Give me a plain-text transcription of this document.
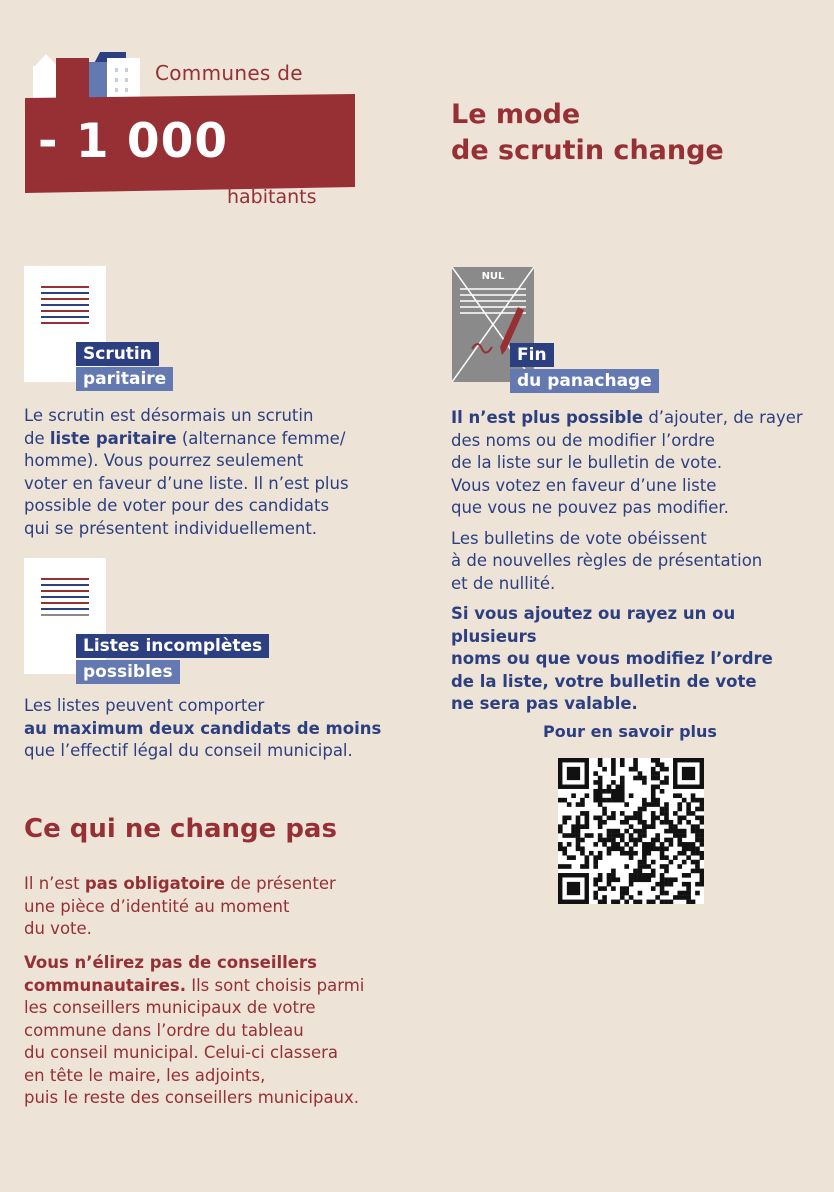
Communes de
- 1 000
habitants
Le mode
de scrutin change
Scrutin
paritaire

Le scrutin est désormais un scrutin

de liste paritaire (alternance femme/

homme). Vous pourrez seulement

voter en faveur d’une liste. Il n’est plus

possible de voter pour des candidats

qui se présentent individuellement.

Listes incomplètes
possibles

Les listes peuvent comporter

au maximum deux candidats de moins

que l’effectif légal du conseil municipal.

NUL
Fin
du panachage

Il n’est plus possible d’ajouter, de rayer

des noms ou de modifier l’ordre

de la liste sur le bulletin de vote.

Vous votez en faveur d’une liste

que vous ne pouvez pas modifier.

Les bulletins de vote obéissent

à de nouvelles règles de présentation

et de nullité.

Si vous ajoutez ou rayez un ou plusieurs

noms ou que vous modifiez l’ordre

de la liste, votre bulletin de vote

ne sera pas valable.

Pour en savoir plus
Ce qui ne change pas

Il n’est pas obligatoire de présenter

une pièce d’identité au moment

du vote.

Vous n’élirez pas de conseillers

communautaires. Ils sont choisis parmi

les conseillers municipaux de votre

commune dans l’ordre du tableau

du conseil municipal. Celui-ci classera

en tête le maire, les adjoints,

puis le reste des conseillers municipaux.
